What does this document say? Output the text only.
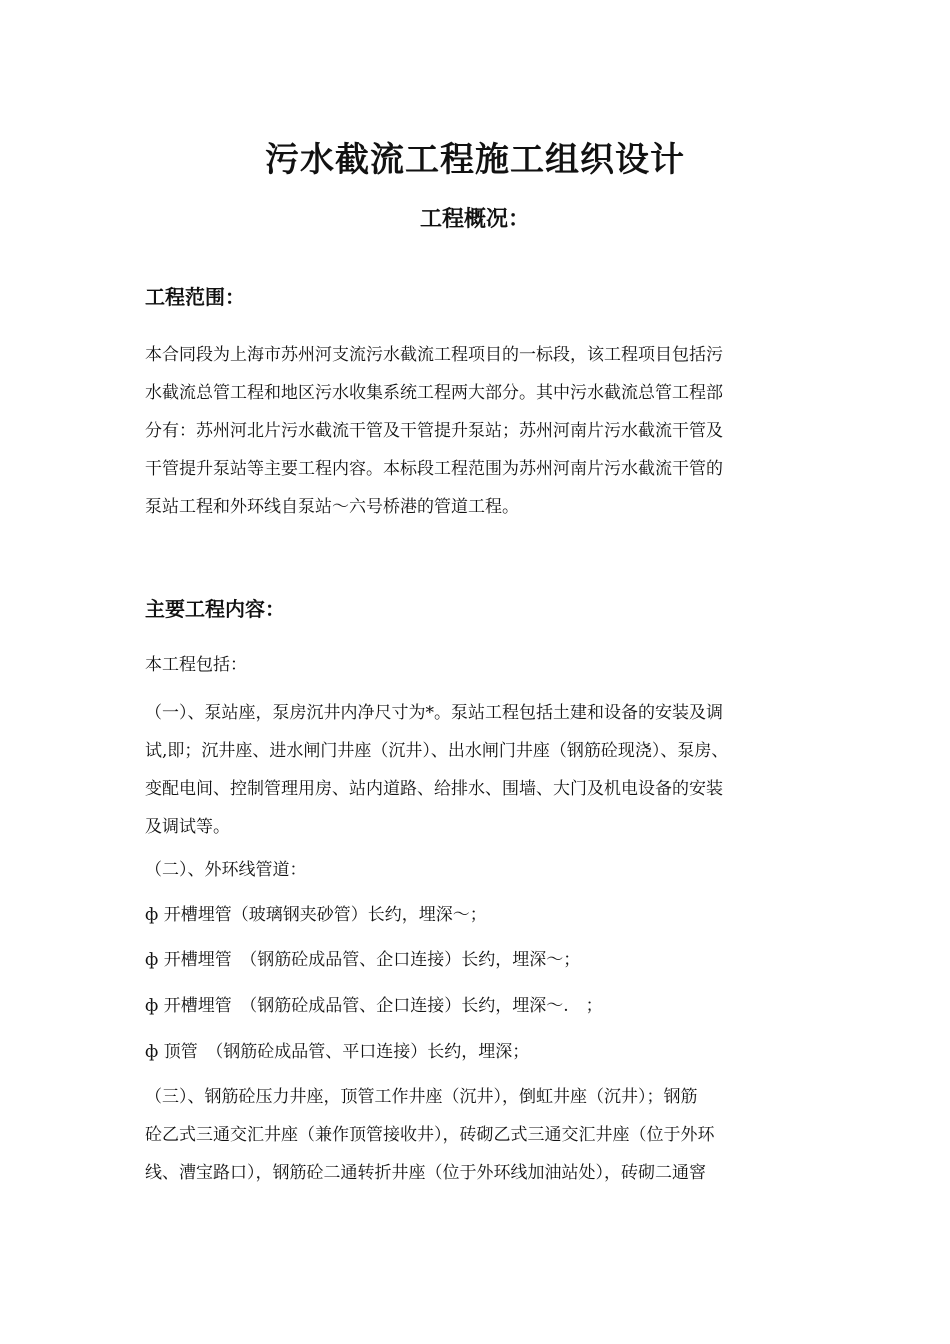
污水截流工程施工组织设计
工程概况：
工程范围：
本合同段为上海市苏州河支流污水截流工程项目的一标段，该工程项目包括污
水截流总管工程和地区污水收集系统工程两大部分。其中污水截流总管工程部
分有：苏州河北片污水截流干管及干管提升泵站；苏州河南片污水截流干管及
干管提升泵站等主要工程内容。本标段工程范围为苏州河南片污水截流干管的
泵站工程和外环线自泵站～六号桥港的管道工程。
主要工程内容：

本工程包括：

（一）、泵站座，泵房沉井内净尺寸为*。泵站工程包括土建和设备的安装及调
试,即；沉井座、进水闸门井座（沉井）、出水闸门井座（钢筋砼现浇）、泵房、
变配电间、控制管理用房、站内道路、给排水、围墙、大门及机电设备的安装
及调试等。

（二）、外环线管道：

ф 开槽埋管（玻璃钢夹砂管）长约，埋深～；

ф 开槽埋管　（钢筋砼成品管、企口连接）长约，埋深～；

ф 开槽埋管　（钢筋砼成品管、企口连接）长约，埋深～.　；

ф 顶管　（钢筋砼成品管、平口连接）长约，埋深；

（三）、钢筋砼压力井座，顶管工作井座（沉井），倒虹井座（沉井）；钢筋
砼乙式三通交汇井座（兼作顶管接收井），砖砌乙式三通交汇井座（位于外环
线、漕宝路口），钢筋砼二通转折井座（位于外环线加油站处），砖砌二通窨
